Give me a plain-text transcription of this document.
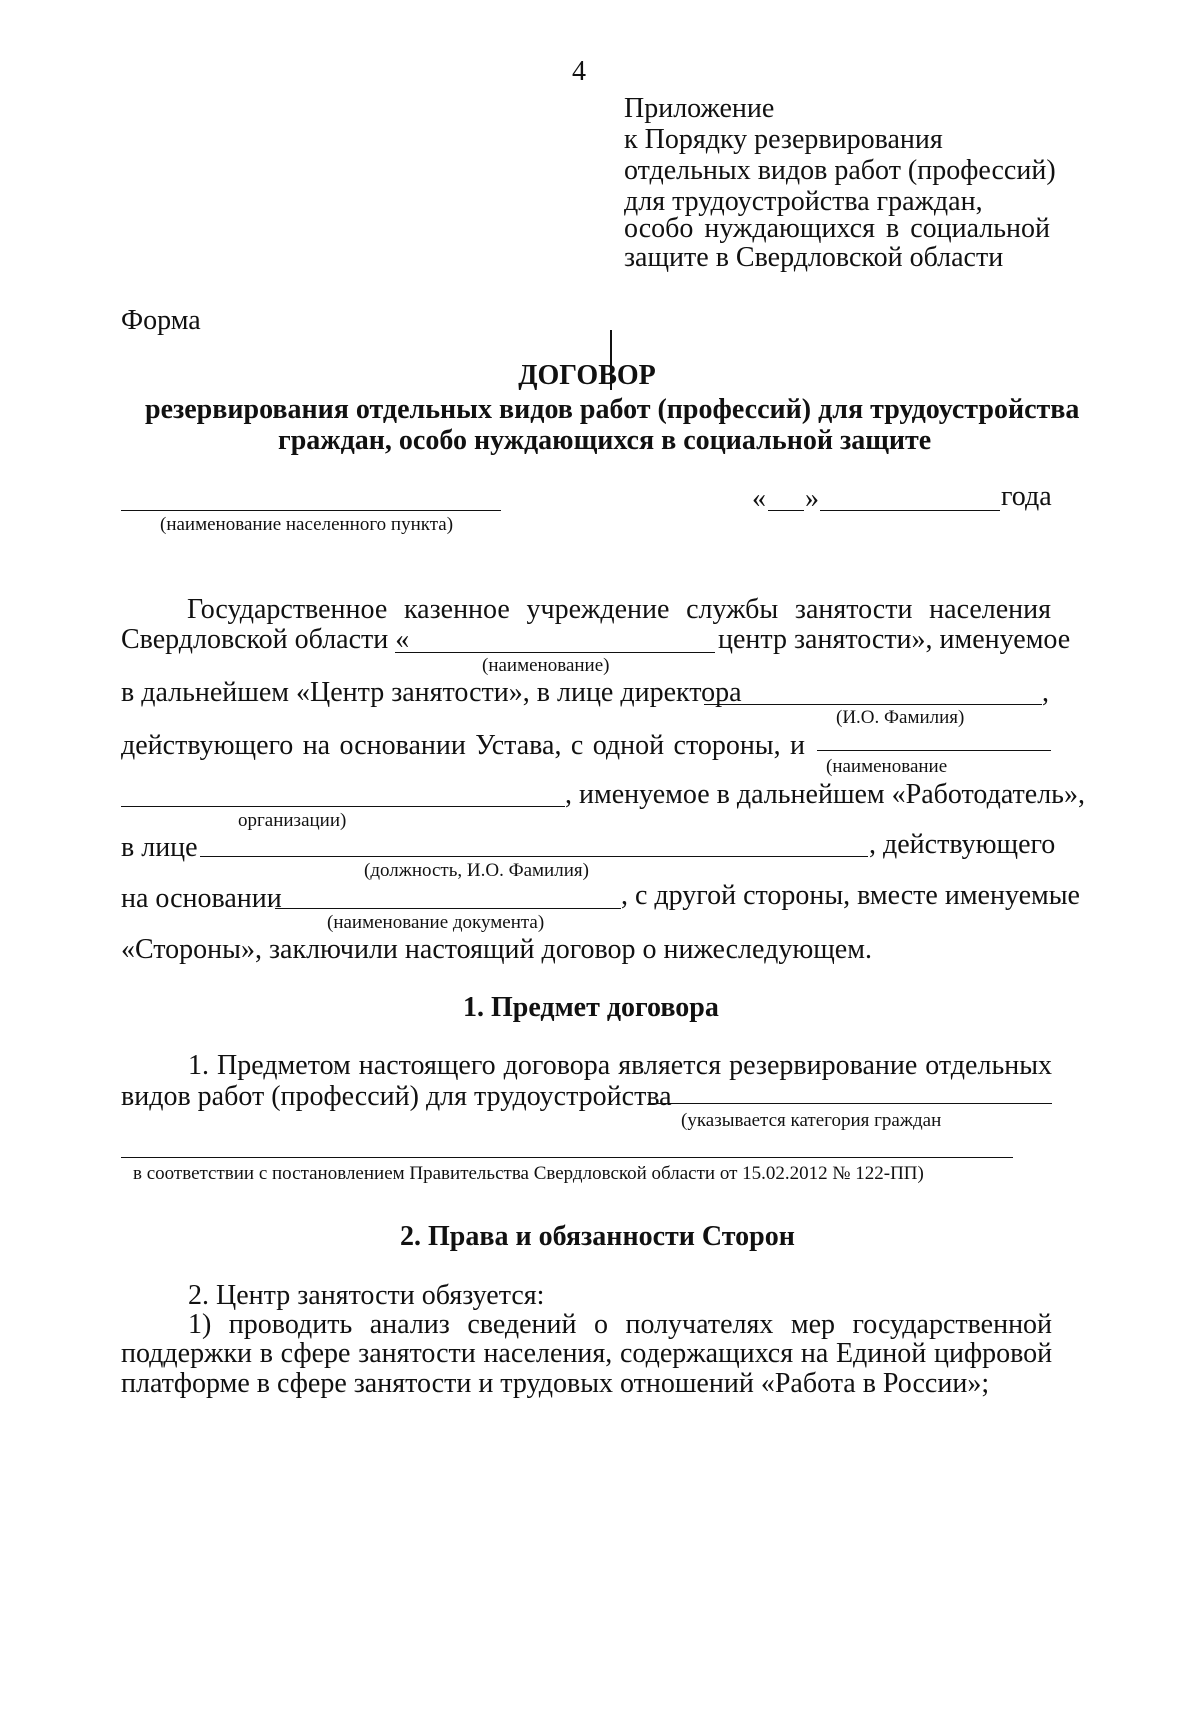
4
Приложение
к Порядку резервирования
отдельных видов работ (профессий)
для трудоустройства граждан,
особо нуждающихся в социальной
защите в Свердловской области
Форма
ДОГОВОР
резервирования отдельных видов работ (профессий) для трудоустройства
граждан, особо нуждающихся в социальной защите
(наименование населенного пункта)
« »	года
Государственное казенное учреждение службы занятости населения
Свердловской области «	центр занятости», именуемое
(наименование)
в дальнейшем «Центр занятости», в лице директора	,
(И.О. Фамилия)
действующего на основании Устава, с одной стороны, и
(наименование
, именуемое в дальнейшем «Работодатель»,
организации)
в лице	, действующего
(должность, И.О. Фамилия)
на основании	, с другой стороны, вместе именуемые
(наименование документа)
«Стороны», заключили настоящий договор о нижеследующем.
1. Предмет договора
1. Предметом настоящего договора является резервирование отдельных
видов работ (профессий) для трудоустройства
(указывается категория граждан
в соответствии с постановлением Правительства Свердловской области от 15.02.2012 № 122-ПП)
2. Права и обязанности Сторон
2. Центр занятости обязуется:
1) проводить анализ сведений о получателях мер государственной
поддержки в сфере занятости населения, содержащихся на Единой цифровой
платформе в сфере занятости и трудовых отношений «Работа в России»;
